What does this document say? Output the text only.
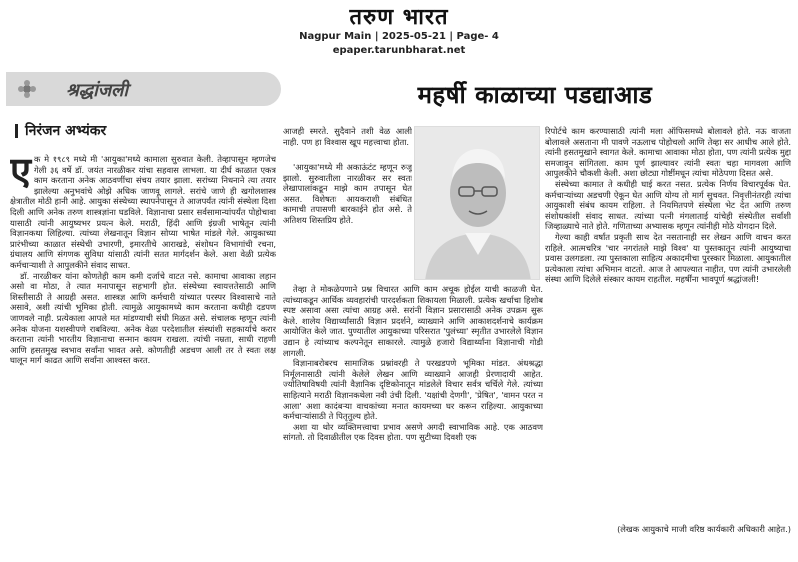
तरुण भारत
Nagpur Main | 2025-05-21 | Page- 4
epaper.tarunbharat.net
श्रद्धांजली	महर्षी काळाच्या पडद्याआड
निरंजन अभ्यंकर
ए क मे १९८९ मध्ये मी 'आयुका'मध्ये कामाला सुरुवात केली. तेव्हापासून म्हणजेच गेली ३६ वर्षे डॉ. जयंत नारळीकर यांचा सहवास लाभला. या दीर्घ काळात एकत्र काम करताना अनेक आठवणींचा संचय तयार झाला. सरांच्या निधनाने त्या तयार झालेल्या अनुभवांचे ओझे अधिक जाणवू लागले. सरांचे जाणे ही खगोलशास्त्र क्षेत्रातील मोठी हानी आहे. आयुका संस्थेच्या स्थापनेपासून ते आजपर्यंत त्यांनी संस्थेला दिशा दिली आणि अनेक तरुण शास्त्रज्ञांना घडविले. विज्ञानाचा प्रसार सर्वसामान्यांपर्यंत पोहोचावा यासाठी त्यांनी आयुष्यभर प्रयत्न केले. मराठी, हिंदी आणि इंग्रजी भाषेतून त्यांनी विज्ञानकथा लिहिल्या. त्यांच्या लेखनातून विज्ञान सोप्या भाषेत मांडले गेले. आयुकाच्या प्रारंभीच्या काळात संस्थेची उभारणी, इमारतीचे आराखडे, संशोधन विभागांची रचना, ग्रंथालय आणि संगणक सुविधा यांसाठी त्यांनी सतत मार्गदर्शन केले. अशा वेळी प्रत्येक कर्मचाऱ्याशी ते आपुलकीने संवाद साधत.

डॉ. नारळीकर यांना कोणतेही काम कमी दर्जाचे वाटत नसे. कामाचा आवाका लहान असो वा मोठा, ते त्यात मनापासून सहभागी होत. संस्थेच्या स्वायत्ततेसाठी आणि शिस्तीसाठी ते आग्रही असत. शास्त्रज्ञ आणि कर्मचारी यांच्यात परस्पर विश्वासाचे नाते असावे, अशी त्यांची भूमिका होती. त्यामुळे आयुकामध्ये काम करताना कधीही दडपण जाणवले नाही. प्रत्येकाला आपले मत मांडण्याची संधी मिळत असे. संचालक म्हणून त्यांनी अनेक योजना यशस्वीपणे राबविल्या. अनेक वेळा परदेशातील संस्थांशी सहकार्याचे करार करताना त्यांनी भारतीय विज्ञानाचा सन्मान कायम राखला. त्यांची नम्रता, साधी राहणी आणि हसतमुख स्वभाव सर्वांना भावत असे. कोणतीही अडचण आली तर ते स्वतः लक्ष घालून मार्ग काढत आणि सर्वांना आश्वस्त करत.

आजही स्मरते. सुदैवाने तशी वेळ आली नाही. पण हा विश्वास खूप महत्त्वाचा होता.

'आयुका'मध्ये मी अकाऊंटंट म्हणून रुजू झालो. सुरुवातीला नारळीकर सर स्वतः लेखापालांकडून माझे काम तपासून घेत असत. विशेषतः आयकराशी संबंधित कामाची तपासणी बारकाईने होत असे. ते अतिशय शिस्तप्रिय होते.

तेव्हा ते मोकळेपणाने प्रश्न विचारत आणि काम अचूक होईल याची काळजी घेत. त्यांच्याकडून आर्थिक व्यवहारांची पारदर्शकता शिकायला मिळाली. प्रत्येक खर्चाचा हिशोब स्पष्ट असावा असा त्यांचा आग्रह असे. सरांनी विज्ञान प्रसारासाठी अनेक उपक्रम सुरू केले. शालेय विद्यार्थ्यांसाठी विज्ञान प्रदर्शने, व्याख्याने आणि आकाशदर्शनाचे कार्यक्रम आयोजित केले जात. पुण्यातील आयुकाच्या परिसरात 'पुलंच्या' स्मृतीत उभारलेले विज्ञान उद्यान हे त्यांच्याच कल्पनेतून साकारले. त्यामुळे हजारो विद्यार्थ्यांना विज्ञानाची गोडी लागली.

विज्ञानाबरोबरच सामाजिक प्रश्नांवरही ते परखडपणे भूमिका मांडत. अंधश्रद्धा निर्मूलनासाठी त्यांनी केलेले लेखन आणि व्याख्याने आजही प्रेरणादायी आहेत. ज्योतिषाविषयी त्यांनी वैज्ञानिक दृष्टिकोनातून मांडलेले विचार सर्वत्र चर्चिले गेले. त्यांच्या साहित्याने मराठी विज्ञानकथेला नवी उंची दिली. 'यक्षांची देणगी', 'प्रेषित', 'वामन परत न आला' अशा कादंबऱ्या वाचकांच्या मनात कायमच्या घर करून राहिल्या. आयुकाच्या कर्मचाऱ्यांसाठी ते पितृतुल्य होते.

अशा या थोर व्यक्तिमत्त्वाचा प्रभाव असणे अगदी स्वाभाविक आहे. एक आठवण सांगतो. तो दिवाळीतील एक दिवस होता. पण सुटीच्या दिवशी एक

रिपोर्टचे काम करण्यासाठी त्यांनी मला ऑफिसमध्ये बोलावले होते. नऊ वाजता बोलावले असताना मी पावणे नऊलाच पोहोचलो आणि तेव्हा सर आधीच आले होते. त्यांनी हसतमुखाने स्वागत केले. कामाचा आवाका मोठा होता, पण त्यांनी प्रत्येक मुद्दा समजावून सांगितला. काम पूर्ण झाल्यावर त्यांनी स्वतः चहा मागवला आणि आपुलकीने चौकशी केली. अशा छोट्या गोष्टींमधून त्यांचा मोठेपणा दिसत असे.

संस्थेच्या कामात ते कधीही घाई करत नसत. प्रत्येक निर्णय विचारपूर्वक घेत. कर्मचाऱ्यांच्या अडचणी ऐकून घेत आणि योग्य तो मार्ग सुचवत. निवृत्तीनंतरही त्यांचा आयुकाशी संबंध कायम राहिला. ते नियमितपणे संस्थेला भेट देत आणि तरुण संशोधकांशी संवाद साधत. त्यांच्या पत्नी मंगलाताई यांचेही संस्थेतील सर्वांशी जिव्हाळ्याचे नाते होते. गणिताच्या अभ्यासक म्हणून त्यांनीही मोठे योगदान दिले.

गेल्या काही वर्षांत प्रकृती साथ देत नसतानाही सर लेखन आणि वाचन करत राहिले. आत्मचरित्र 'चार नगरांतले माझे विश्व' या पुस्तकातून त्यांनी आयुष्याचा प्रवास उलगडला. त्या पुस्तकाला साहित्य अकादमीचा पुरस्कार मिळाला. आयुकातील प्रत्येकाला त्यांचा अभिमान वाटतो. आज ते आपल्यात नाहीत, पण त्यांनी उभारलेली संस्था आणि दिलेले संस्कार कायम राहतील. महर्षींना भावपूर्ण श्रद्धांजली!

(लेखक आयुकाचे माजी वरिष्ठ कार्यकारी अधिकारी आहेत.)
